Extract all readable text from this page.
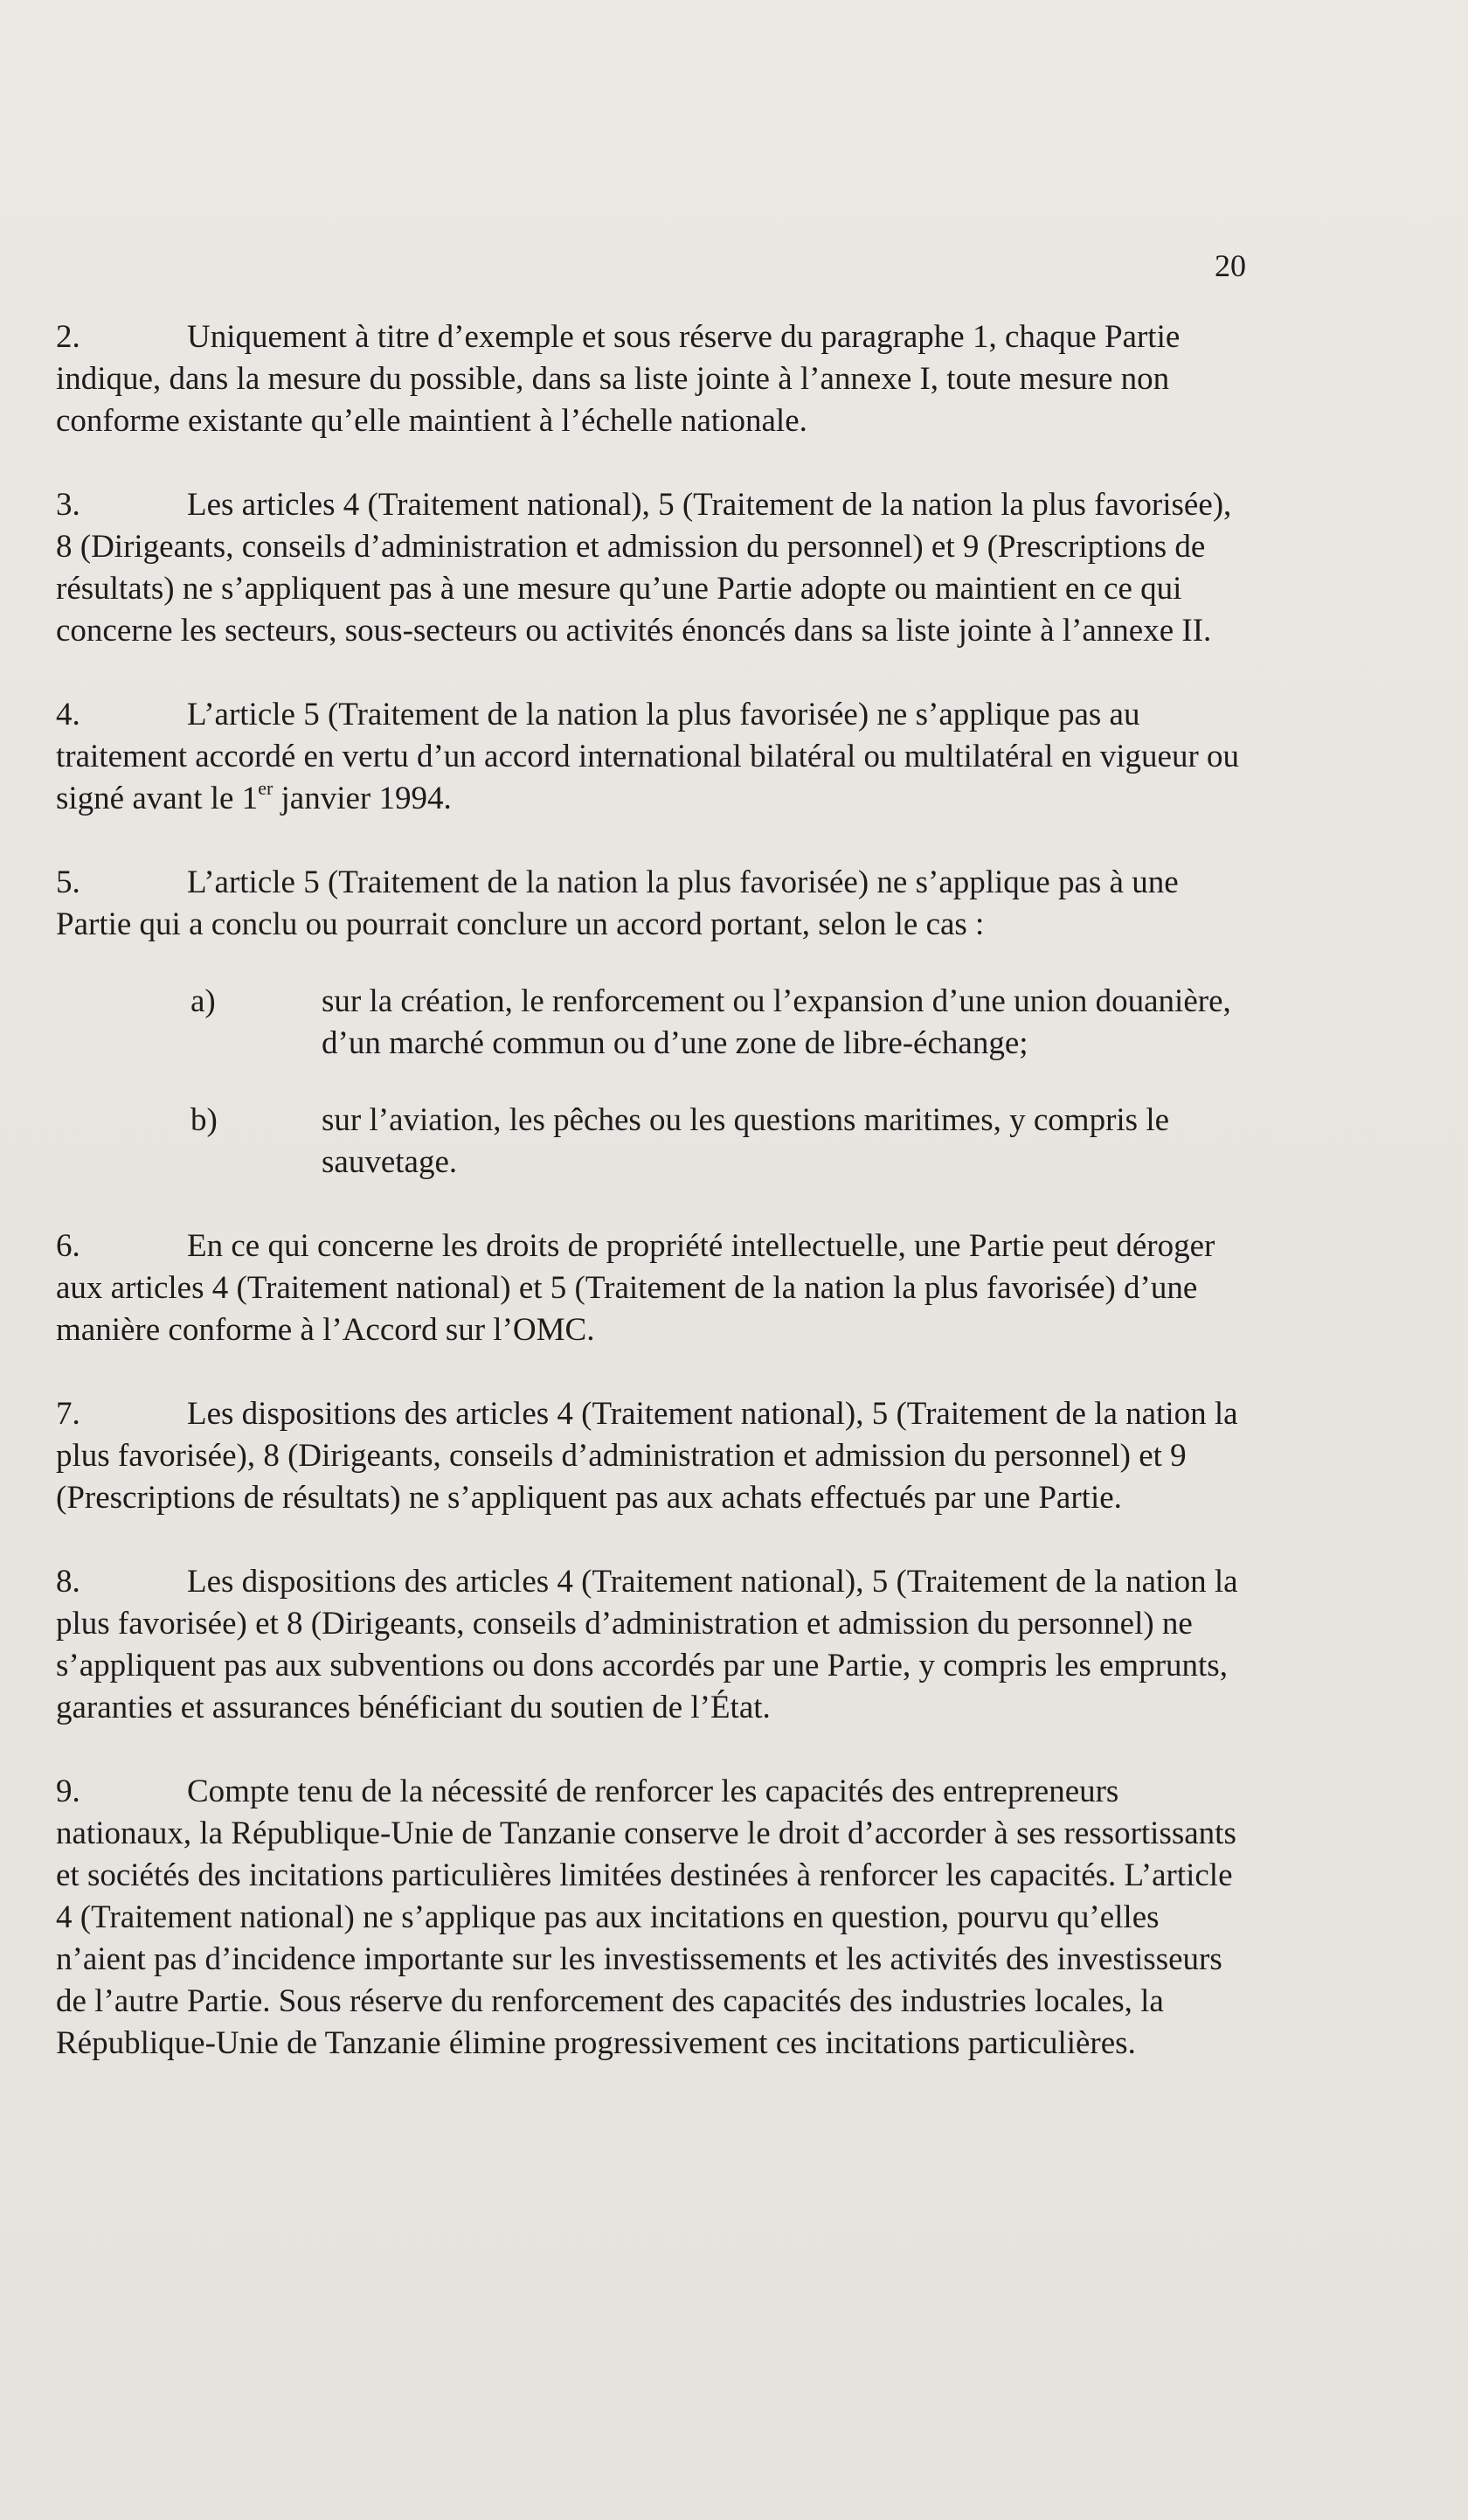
20
2.	Uniquement à titre d’exemple et sous réserve du paragraphe 1, chaque Partie indique, dans la mesure du possible, dans sa liste jointe à l’annexe I, toute mesure non conforme existante qu’elle maintient à l’échelle nationale.
3.	Les articles 4 (Traitement national), 5 (Traitement de la nation la plus favorisée), 8 (Dirigeants, conseils d’administration et admission du personnel) et 9 (Prescriptions de résultats) ne s’appliquent pas à une mesure qu’une Partie adopte ou maintient en ce qui concerne les secteurs, sous-secteurs ou activités énoncés dans sa liste jointe à l’annexe II.
4.	L’article 5 (Traitement de la nation la plus favorisée) ne s’applique pas au traitement accordé en vertu d’un accord international bilatéral ou multilatéral en vigueur ou signé avant le 1er janvier 1994.
5.	L’article 5 (Traitement de la nation la plus favorisée) ne s’applique pas à une Partie qui a conclu ou pourrait conclure un accord portant, selon le cas :
a)	sur la création, le renforcement ou l’expansion d’une union douanière, d’un marché commun ou d’une zone de libre-échange;
b)	sur l’aviation, les pêches ou les questions maritimes, y compris le sauvetage.
6.	En ce qui concerne les droits de propriété intellectuelle, une Partie peut déroger aux articles 4 (Traitement national) et 5 (Traitement de la nation la plus favorisée) d’une manière conforme à l’Accord sur l’OMC.
7.	Les dispositions des articles 4 (Traitement national), 5 (Traitement de la nation la plus favorisée), 8 (Dirigeants, conseils d’administration et admission du personnel) et 9 (Prescriptions de résultats) ne s’appliquent pas aux achats effectués par une Partie.
8.	Les dispositions des articles 4 (Traitement national), 5 (Traitement de la nation la plus favorisée) et 8 (Dirigeants, conseils d’administration et admission du personnel) ne s’appliquent pas aux subventions ou dons accordés par une Partie, y compris les emprunts, garanties et assurances bénéficiant du soutien de l’État.
9.	Compte tenu de la nécessité de renforcer les capacités des entrepreneurs nationaux, la République-Unie de Tanzanie conserve le droit d’accorder à ses ressortissants et sociétés des incitations particulières limitées destinées à renforcer les capacités. L’article 4 (Traitement national) ne s’applique pas aux incitations en question, pourvu qu’elles n’aient pas d’incidence importante sur les investissements et les activités des investisseurs de l’autre Partie. Sous réserve du renforcement des capacités des industries locales, la République-Unie de Tanzanie élimine progressivement ces incitations particulières.
